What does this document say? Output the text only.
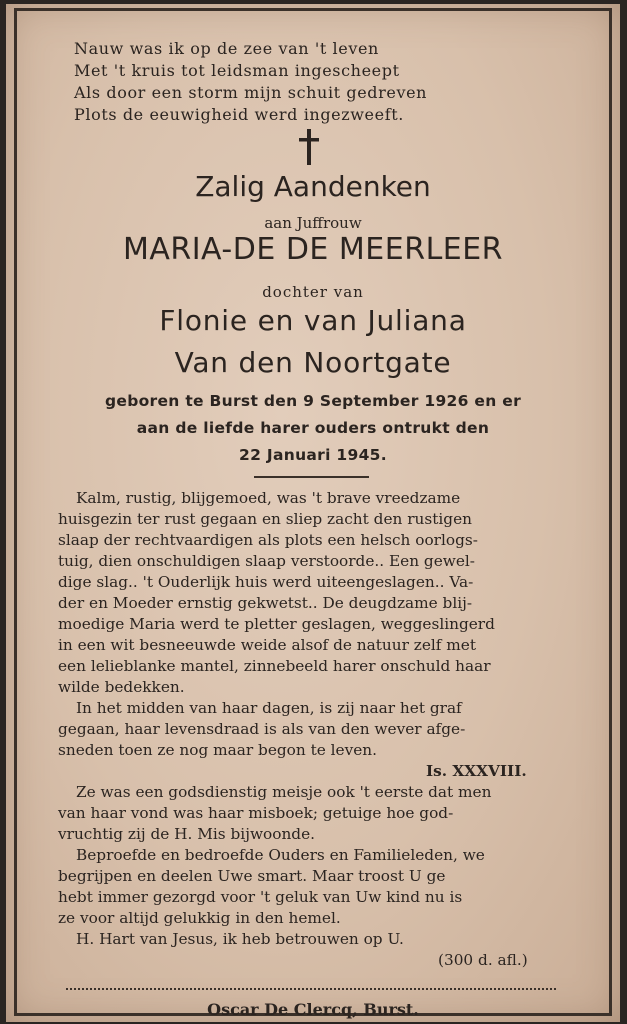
Nauw was ik op de zee van 't leven
Met 't kruis tot leidsman ingescheept
Als door een storm mijn schuit gedreven
Plots de eeuwigheid werd ingezweeft.
Zalig Aandenken
aan Juffrouw
MARIA-DE DE MEERLEER
dochter van
Flonie en van Juliana
Van den Noortgate
geboren te Burst den 9 September 1926 en er
aan de liefde harer ouders ontrukt den
22 Januari 1945.
Kalm, rustig, blijgemoed, was 't brave vreedzame
huisgezin ter rust gegaan en sliep zacht den rustigen
slaap der rechtvaardigen als plots een helsch oorlogs-
tuig, dien onschuldigen slaap verstoorde.. Een gewel-
dige slag.. 't Ouderlijk huis werd uiteengeslagen.. Va-
der en Moeder ernstig gekwetst.. De deugdzame blij-
moedige Maria werd te pletter geslagen, weggeslingerd
in een wit besneeuwde weide alsof de natuur zelf met
een lelieblanke mantel, zinnebeeld harer onschuld haar
wilde bedekken.
In het midden van haar dagen, is zij naar het graf
gegaan, haar levensdraad is als van den wever afge-
sneden toen ze nog maar begon te leven.
Is. XXXVIII.
Ze was een godsdienstig meisje ook 't eerste dat men
van haar vond was haar misboek; getuige hoe god-
vruchtig zij de H. Mis bijwoonde.
Beproefde en bedroefde Ouders en Familieleden, we
begrijpen en deelen Uwe smart. Maar troost U ge
hebt immer gezorgd voor 't geluk van Uw kind nu is
ze voor altijd gelukkig in den hemel.
H. Hart van Jesus, ik heb betrouwen op U.
(300 d. afl.)
Oscar De Clercq, Burst.
